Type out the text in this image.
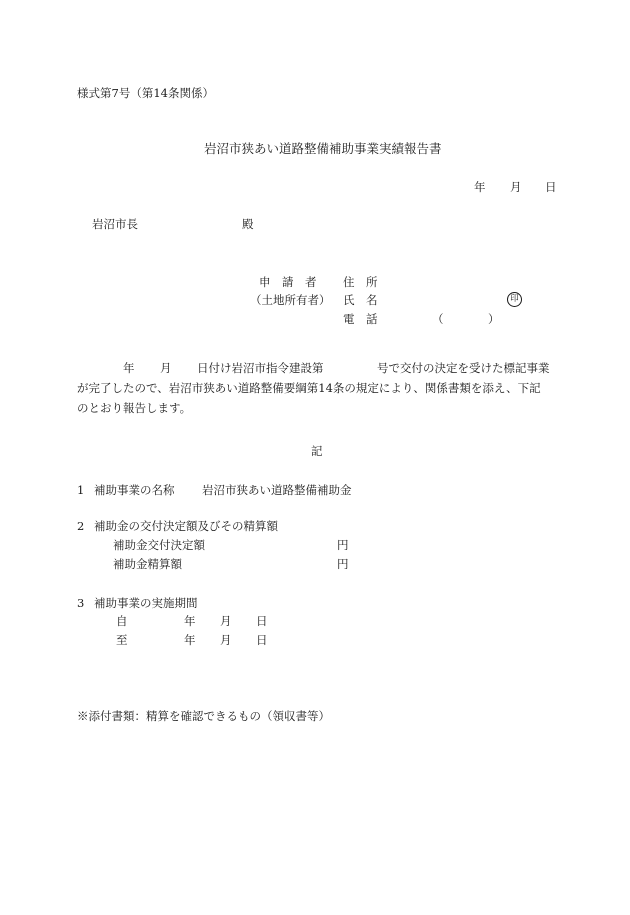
様式第7号（第14条関係）
岩沼市狭あい道路整備補助事業実績報告書
年 月 日
岩沼市長	殿
申　請　者 住　所
（土地所有者） 氏　名	印
電　話	（	）
年 月 日付け岩沼市指令建設第	号で交付の決定を受けた標記事業
が完了したので、岩沼市狭あい道路整備要綱第14条の規定により、関係書類を添え、下記
のとおり報告します。
記
1 補助事業の名称 岩沼市狭あい道路整備補助金
2 補助金の交付決定額及びその精算額
補助金交付決定額	円
補助金精算額	円
3 補助事業の実施期間
自	年 月 日
至	年 月 日
※添付書類：精算を確認できるもの（領収書等）
